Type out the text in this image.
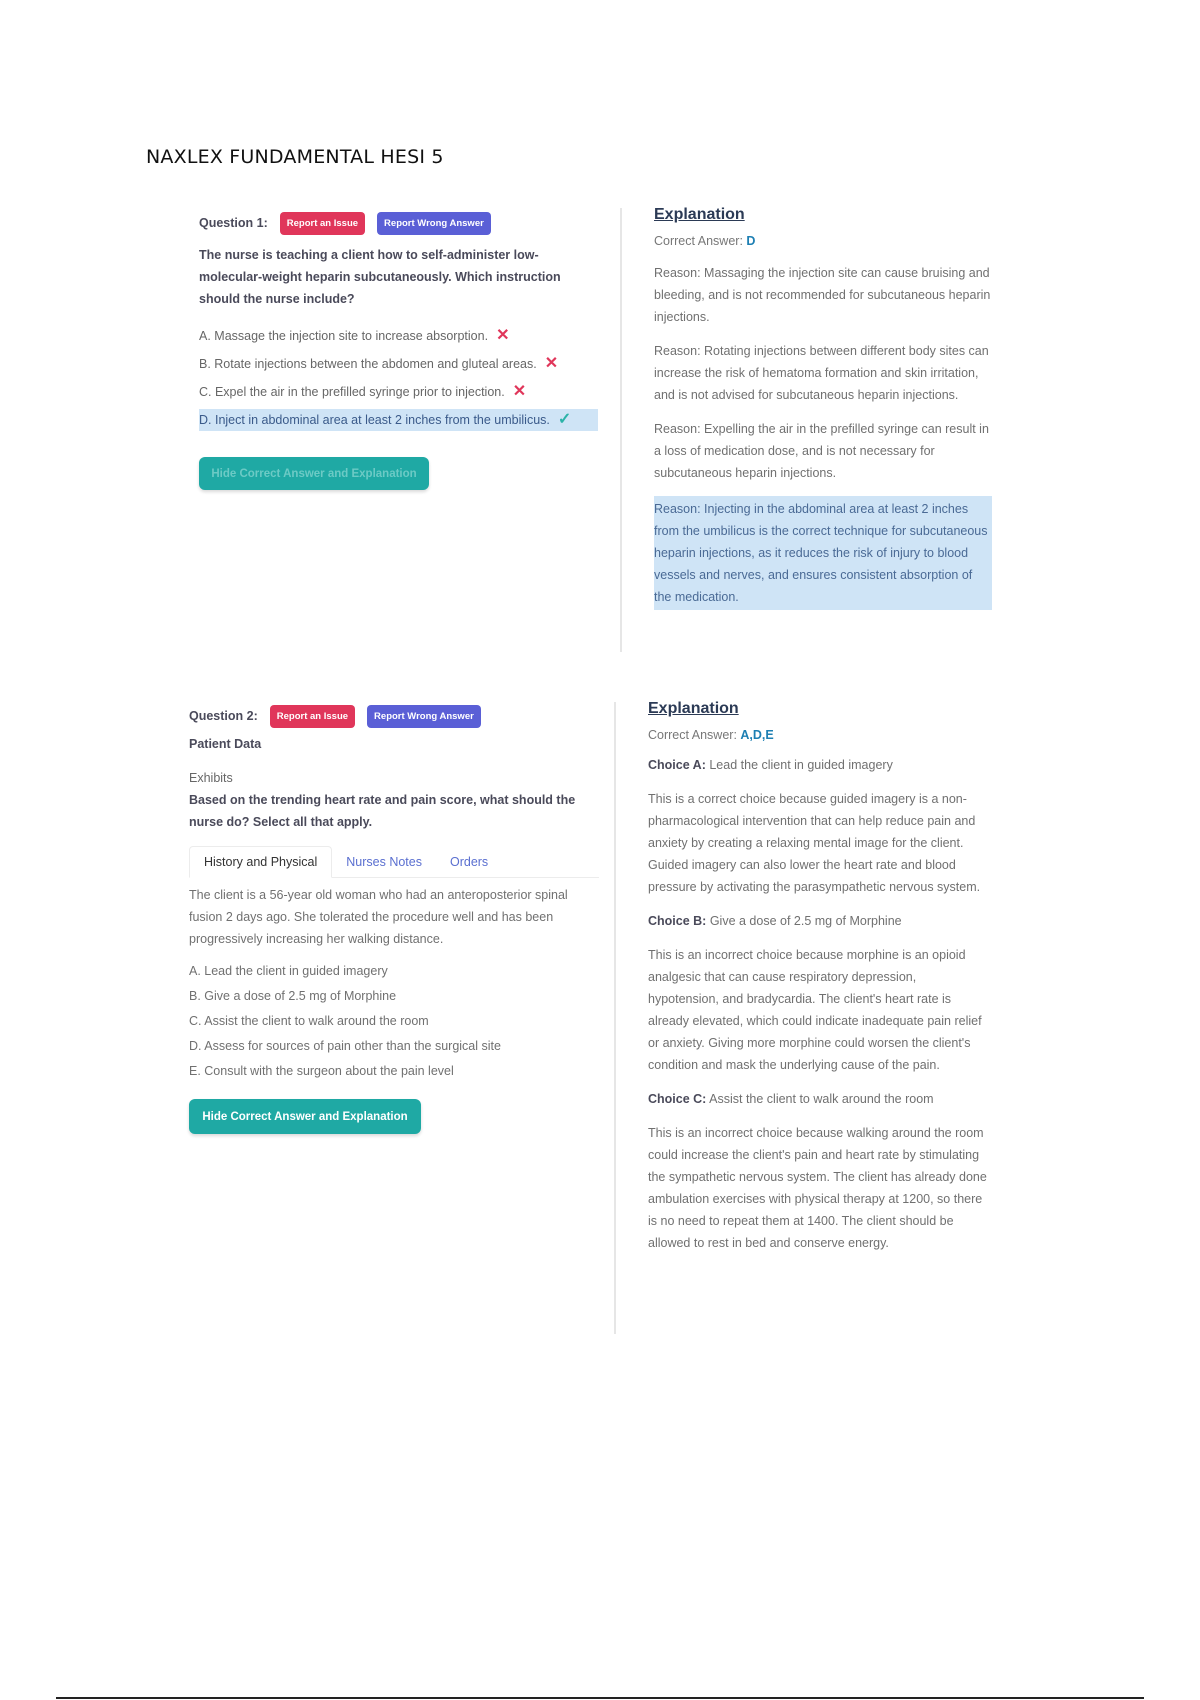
NAXLEX FUNDAMENTAL HESI 5
Question 1:	Report an Issue	Report Wrong Answer
The nurse is teaching a client how to self-administer low-molecular-weight heparin subcutaneously. Which instruction should the nurse include?
A. Massage the injection site to increase absorption. ✕
B. Rotate injections between the abdomen and gluteal areas. ✕
C. Expel the air in the prefilled syringe prior to injection. ✕
D. Inject in abdominal area at least 2 inches from the umbilicus. ✓
Hide Correct Answer and Explanation
Explanation
Correct Answer: D
Reason: Massaging the injection site can cause bruising and bleeding, and is not recommended for subcutaneous heparin injections.
Reason: Rotating injections between different body sites can increase the risk of hematoma formation and skin irritation, and is not advised for subcutaneous heparin injections.
Reason: Expelling the air in the prefilled syringe can result in a loss of medication dose, and is not necessary for subcutaneous heparin injections.
Reason: Injecting in the abdominal area at least 2 inches from the umbilicus is the correct technique for subcutaneous heparin injections, as it reduces the risk of injury to blood vessels and nerves, and ensures consistent absorption of the medication.
Question 2:	Report an Issue	Report Wrong Answer
Patient Data
Exhibits
Based on the trending heart rate and pain score, what should the nurse do? Select all that apply.
History and Physical	Nurses Notes	Orders
The client is a 56-year old woman who had an anteroposterior spinal fusion 2 days ago. She tolerated the procedure well and has been progressively increasing her walking distance.
A. Lead the client in guided imagery
B. Give a dose of 2.5 mg of Morphine
C. Assist the client to walk around the room
D. Assess for sources of pain other than the surgical site
E. Consult with the surgeon about the pain level
Hide Correct Answer and Explanation
Explanation
Correct Answer: A,D,E
Choice A: Lead the client in guided imagery
This is a correct choice because guided imagery is a non-pharmacological intervention that can help reduce pain and anxiety by creating a relaxing mental image for the client. Guided imagery can also lower the heart rate and blood pressure by activating the parasympathetic nervous system.
Choice B: Give a dose of 2.5 mg of Morphine
This is an incorrect choice because morphine is an opioid analgesic that can cause respiratory depression, hypotension, and bradycardia. The client's heart rate is already elevated, which could indicate inadequate pain relief or anxiety. Giving more morphine could worsen the client's condition and mask the underlying cause of the pain.
Choice C: Assist the client to walk around the room
This is an incorrect choice because walking around the room could increase the client's pain and heart rate by stimulating the sympathetic nervous system. The client has already done ambulation exercises with physical therapy at 1200, so there is no need to repeat them at 1400. The client should be allowed to rest in bed and conserve energy.
